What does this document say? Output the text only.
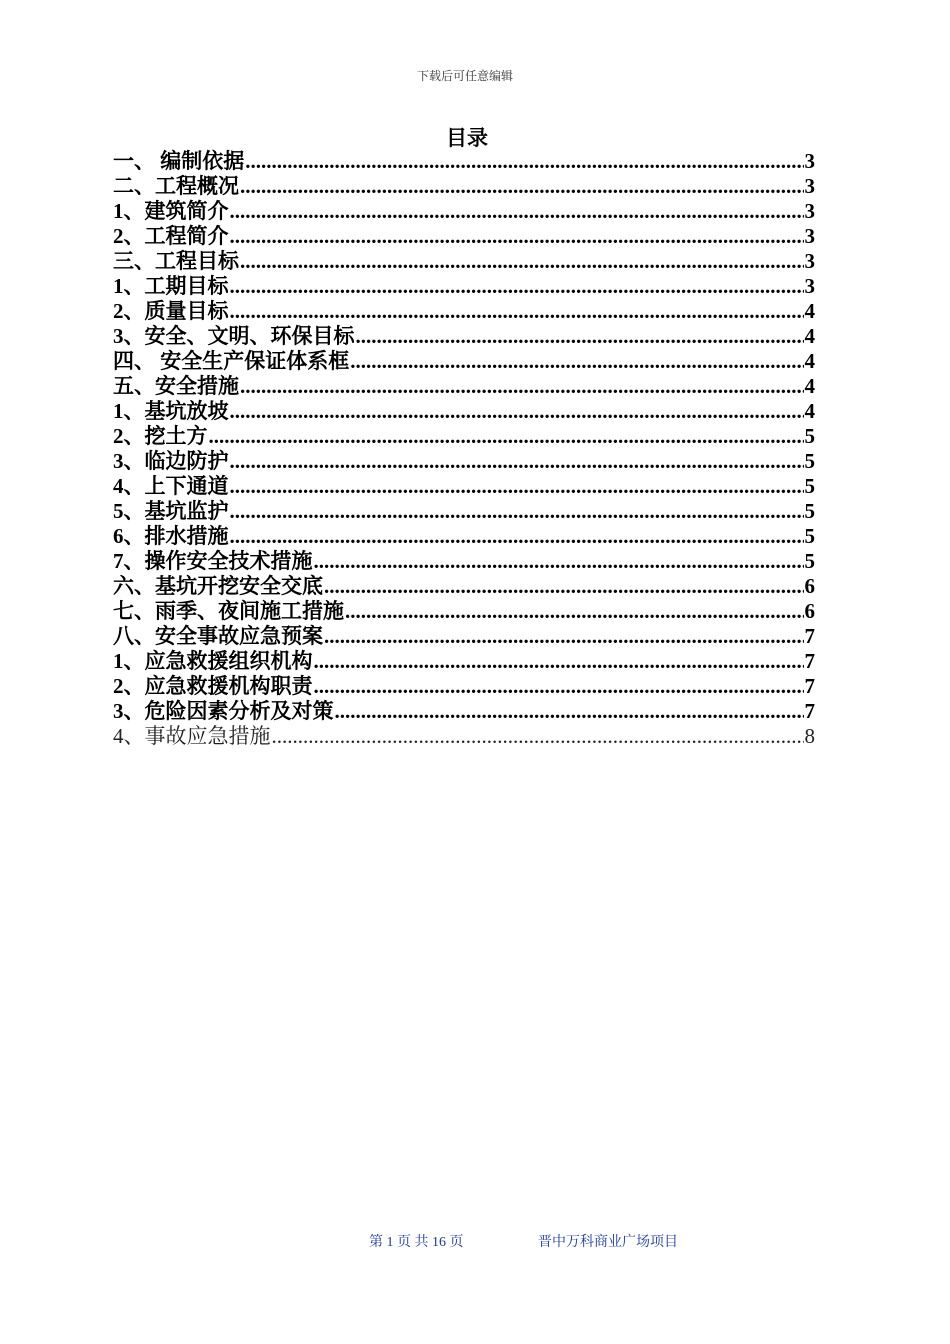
下载后可任意编辑
目录
一、 编制依据 .....	3
二、工程概况 .....	3
1、建筑简介 .....	3
2、工程简介 .....	3
三、工程目标 .....	3
1、工期目标 .....	3
2、质量目标 .....	4
3、安全、文明、环保目标 .....	4
四、 安全生产保证体系框 .....	4
五、安全措施 .....	4
1、基坑放坡 .....	4
2、挖土方 .....	5
3、临边防护 .....	5
4、上下通道 .....	5
5、基坑监护 .....	5
6、排水措施 .....	5
7、操作安全技术措施 .....	5
六、基坑开挖安全交底 .....	6
七、雨季、夜间施工措施 .....	6
八、安全事故应急预案 .....	7
1、应急救援组织机构 .....	7
2、应急救援机构职责 .....	7
3、危险因素分析及对策 .....	7
4、事故应急措施 .....	8
第 1 页 共 16 页	晋中万科商业广场项目
